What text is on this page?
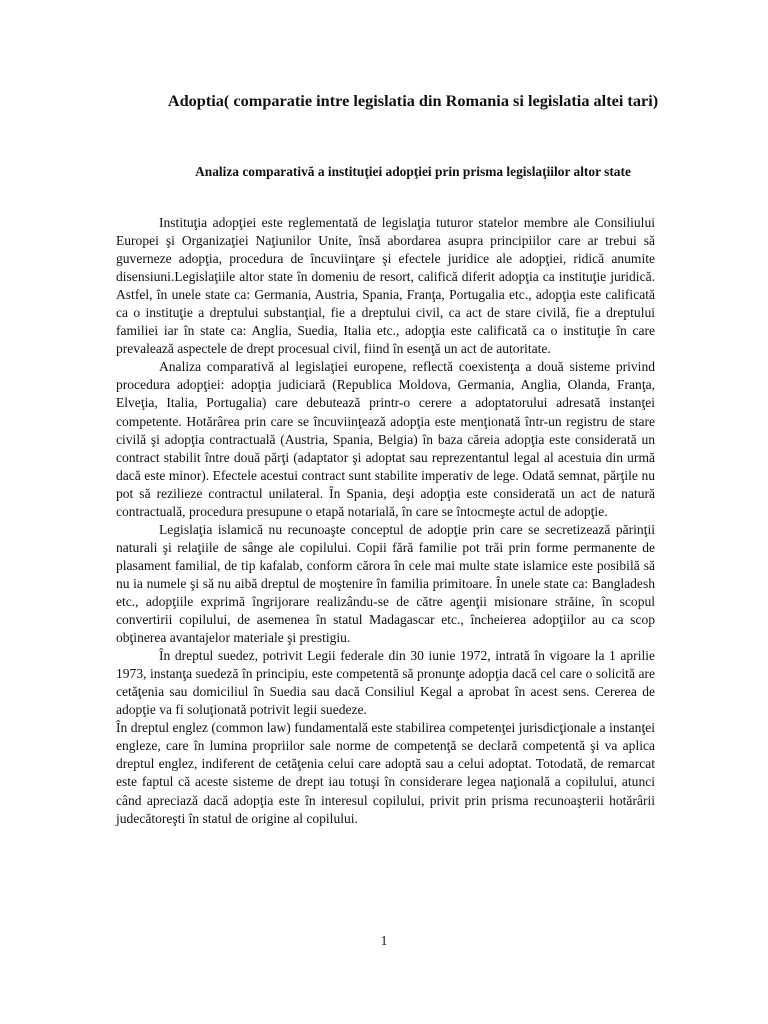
Adoptia( comparatie intre legislatia din Romania si legislatia altei tari)
Analiza comparativă a instituţiei adopţiei prin prisma legislaţiilor altor state

Instituţia adopţiei este reglementată de legislaţia tuturor statelor membre ale Consiliului Europei şi Organizaţiei Naţiunilor Unite, însă abordarea asupra principiilor care ar trebui să guverneze adopţia, procedura de încuviinţare şi efectele juridice ale adopţiei, ridică anumite disensiuni.Legislaţiile altor state în domeniu de resort, califică diferit adopţia ca instituţie juridică. Astfel, în unele state ca: Germania, Austria, Spania, Franţa, Portugalia etc., adopţia este calificată ca o instituţie a dreptului substanţial, fie a dreptului civil, ca act de stare civilă, fie a dreptului familiei iar în state ca: Anglia, Suedia, Italia etc., adopţia este calificată ca o instituţie în care prevalează aspectele de drept procesual civil, fiind în esenţă un act de autoritate.

Analiza comparativă al legislaţiei europene, reflectă coexistenţa a două sisteme privind procedura adopţiei: adopţia judiciară (Republica Moldova, Germania, Anglia, Olanda, Franţa, Elveţia, Italia, Portugalia) care debutează printr-o cerere a adoptatorului adresată instanţei competente. Hotărârea prin care se încuviinţează adopţia este menţionată într-un registru de stare civilă şi adopţia contractuală (Austria, Spania, Belgia) în baza căreia adopţia este considerată un contract stabilit între două părţi (adaptator şi adoptat sau reprezentantul legal al acestuia din urmă dacă este minor). Efectele acestui contract sunt stabilite imperativ de lege. Odată semnat, părţile nu pot să rezilieze contractul unilateral. În Spania, deşi adopţia este considerată un act de natură contractuală, procedura presupune o etapă notarială, în care se întocmeşte actul de adopţie.

Legislaţia islamică nu recunoaşte conceptul de adopţie prin care se secretizează părinţii naturali şi relaţiile de sânge ale copilului. Copii fără familie pot trăi prin forme permanente de plasament familial, de tip kafalab, conform cărora în cele mai multe state islamice este posibilă să nu ia numele şi să nu aibă dreptul de moştenire în familia primitoare. În unele state ca: Bangladesh etc., adopţiile exprimă îngrijorare realizându-se de către agenţii misionare străine, în scopul convertirii copilului, de asemenea în statul Madagascar etc., încheierea adopţiilor au ca scop obţinerea avantajelor materiale şi prestigiu.

În dreptul suedez, potrivit Legii federale din 30 iunie 1972, intrată în vigoare la 1 aprilie 1973, instanţa suedeză în principiu, este competentă să pronunţe adopţia dacă cel care o solicită are cetăţenia sau domiciliul în Suedia sau dacă Consiliul Kegal a aprobat în acest sens. Cererea de adopţie va fi soluţionată potrivit legii suedeze.

În dreptul englez (common law) fundamentală este stabilirea competenţei jurisdicţionale a instanţei engleze, care în lumina propriilor sale norme de competenţă se declară competentă şi va aplica dreptul englez, indiferent de cetăţenia celui care adoptă sau a celui adoptat. Totodată, de remarcat este faptul că aceste sisteme de drept iau totuşi în considerare legea naţională a copilului, atunci când apreciază dacă adopţia este în interesul copilului, privit prin prisma recunoaşterii hotărârii judecătoreşti în statul de origine al copilului.

1
